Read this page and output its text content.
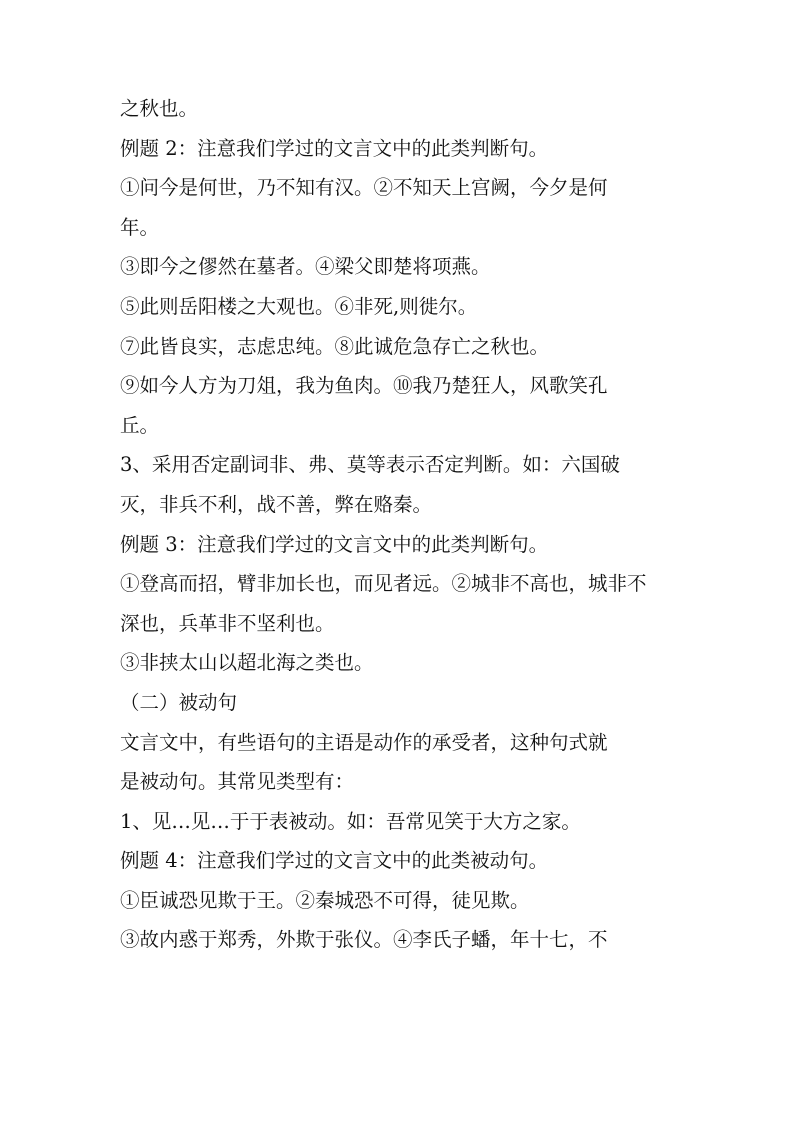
之秋也。
例题 2：注意我们学过的文言文中的此类判断句。
①问今是何世，乃不知有汉。②不知天上宫阙，今夕是何
年。
③即今之僇然在墓者。④梁父即楚将项燕。
⑤此则岳阳楼之大观也。⑥非死,则徙尔。
⑦此皆良实，志虑忠纯。⑧此诚危急存亡之秋也。
⑨如今人方为刀俎，我为鱼肉。⑩我乃楚狂人，风歌笑孔
丘。
3、采用否定副词非、弗、莫等表示否定判断。如：六国破
灭，非兵不利，战不善，弊在赂秦。
例题 3：注意我们学过的文言文中的此类判断句。
①登高而招，臂非加长也，而见者远。②城非不高也，城非不
深也，兵革非不坚利也。
③非挟太山以超北海之类也。
（二）被动句
文言文中，有些语句的主语是动作的承受者，这种句式就
是被动句。其常见类型有：
1、见…见…于于表被动。如：吾常见笑于大方之家。
例题 4：注意我们学过的文言文中的此类被动句。
①臣诚恐见欺于王。②秦城恐不可得，徒见欺。
③故内惑于郑秀，外欺于张仪。④李氏子蟠，年十七，不
